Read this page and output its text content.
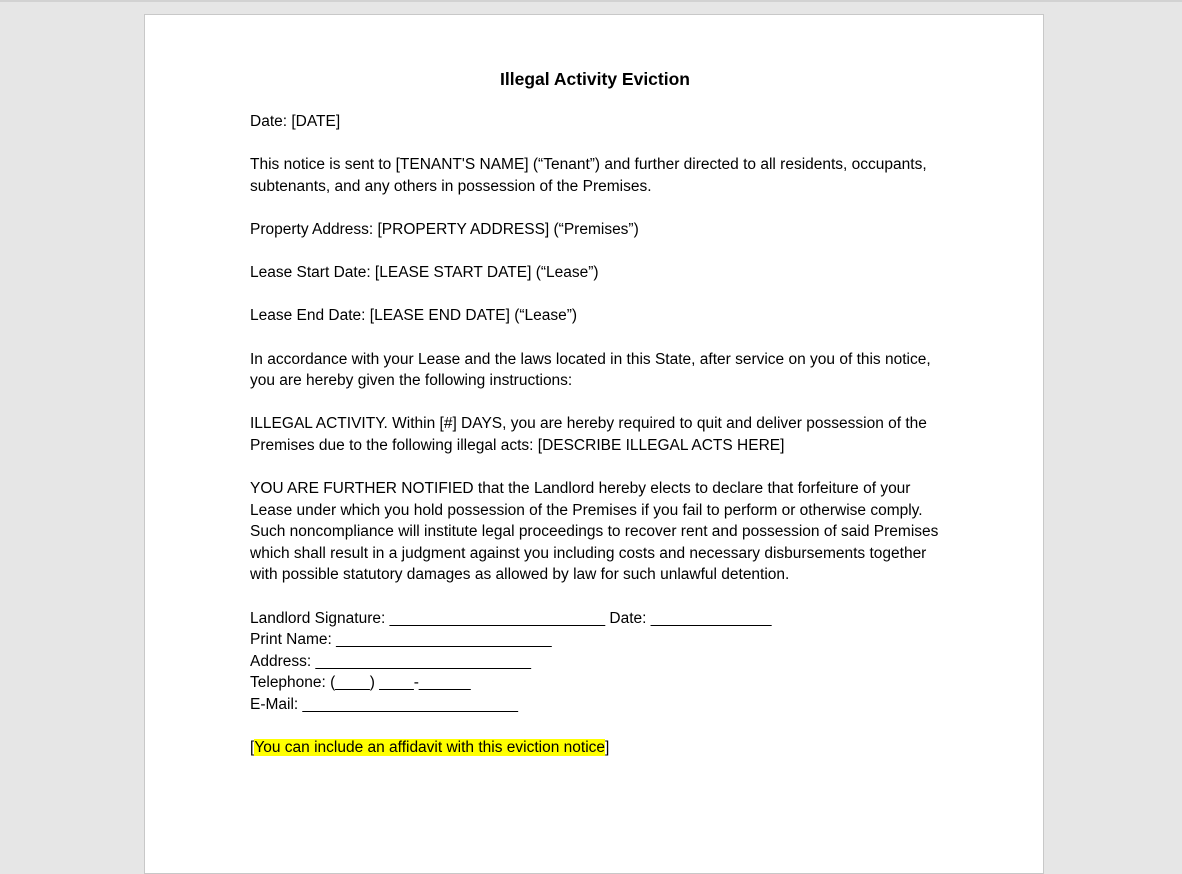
Illegal Activity Eviction
Date: [DATE]
This notice is sent to [TENANT'S NAME] (“Tenant”) and further directed to all residents, occupants, subtenants, and any others in possession of the Premises.
Property Address: [PROPERTY ADDRESS] (“Premises”)
Lease Start Date: [LEASE START DATE] (“Lease”)
Lease End Date: [LEASE END DATE] (“Lease”)
In accordance with your Lease and the laws located in this State, after service on you of this notice, you are hereby given the following instructions:
ILLEGAL ACTIVITY. Within [#] DAYS, you are hereby required to quit and deliver possession of the Premises due to the following illegal acts: [DESCRIBE ILLEGAL ACTS HERE]
YOU ARE FURTHER NOTIFIED that the Landlord hereby elects to declare that forfeiture of your Lease under which you hold possession of the Premises if you fail to perform or otherwise comply. Such noncompliance will institute legal proceedings to recover rent and possession of said Premises which shall result in a judgment against you including costs and necessary disbursements together with possible statutory damages as allowed by law for such unlawful detention.
Landlord Signature: _________________________ Date: ______________
Print Name: _________________________
Address: _________________________
Telephone: (____) ____-______
E-Mail: _________________________
[You can include an affidavit with this eviction notice]
